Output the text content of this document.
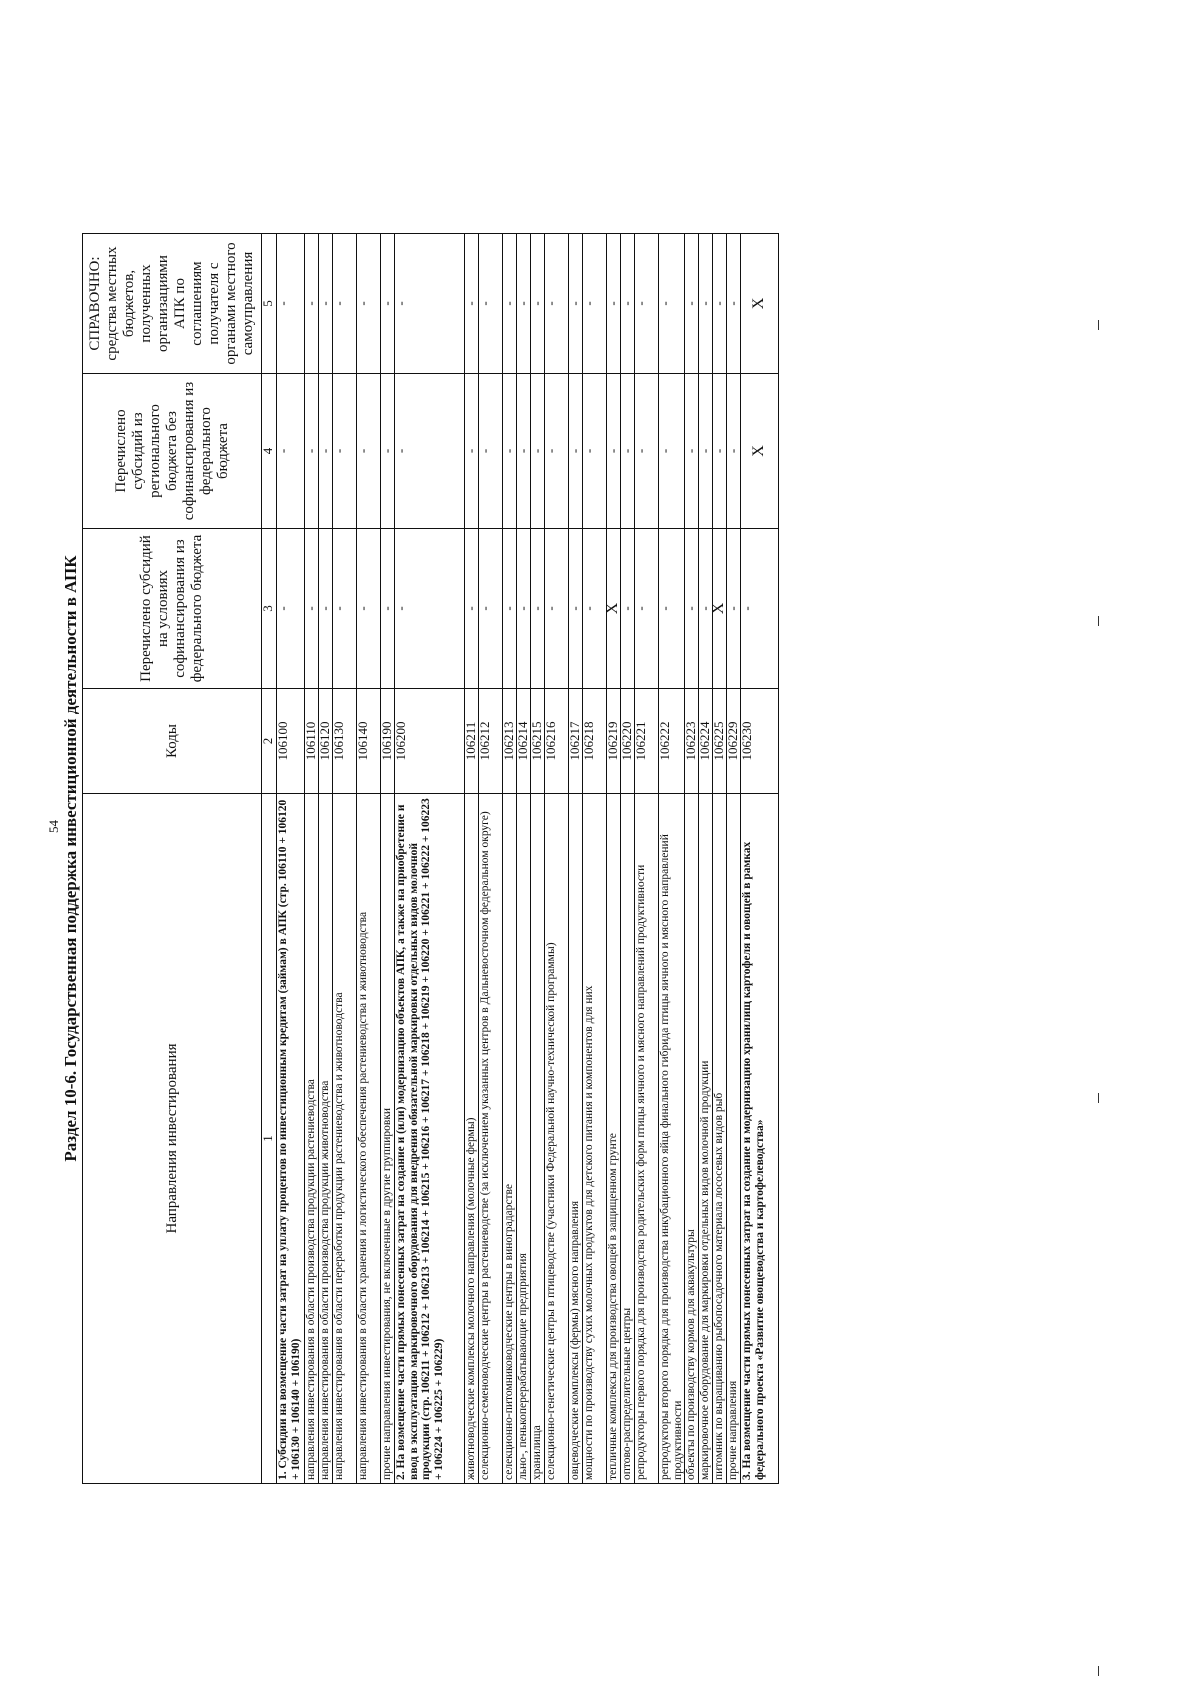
54 Раздел 10-6. Государственная поддержка инвестиционной деятельности в АПК	Направления инвестирования	Коды	Перечислено субсидий на условиях софинансирования из федерального бюджета	Перечислено субсидий из регионального бюджета без софинансирования из федерального бюджета	СПРАВОЧНО: средства местных бюджетов, полученных организациями АПК по соглашениям получателя с органами местного самоуправления
1	2	3	4	5
1. Субсидии на возмещение части затрат на уплату процентов по инвестиционным кредитам (займам) в АПК (стр. 106110 + 106120 + 106130 + 106140 + 106190)	106100	-	-	-
направления инвестирования в области производства продукции растениеводства	106110	-	-	-
направления инвестирования в области производства продукции животноводства	106120	-	-	-
направления инвестирования в области переработки продукции растениеводства и животноводства	106130	-	-	-
направления инвестирования в области хранения и логистического обеспечения растениеводства и животноводства	106140	-	-	-
прочие направления инвестирования, не включенные в другие группировки	106190	-	-	-
2. На возмещение части прямых понесенных затрат на создание и (или) модернизацию объектов АПК, а также на приобретение и ввод в эксплуатацию маркировочного оборудования для внедрения обязательной маркировки отдельных видов молочной продукции (стр. 106211 + 106212 + 106213 + 106214 + 106215 + 106216 + 106217 + 106218 + 106219 + 106220 + 106221 + 106222 + 106223 + 106224 + 106225 + 106229)	106200	-	-	-
животноводческие комплексы молочного направления (молочные фермы)	106211	-	-	-
селекционно-семеноводческие центры в растениеводстве (за исключением указанных центров в Дальневосточном федеральном округе)	106212	-	-	-
селекционно-питомниководческие центры в виноградарстве	106213	-	-	-
льно-, пенькоперерабатывающие предприятия	106214	-	-	-
хранилища	106215	-	-	-
селекционно-генетические центры в птицеводстве (участники Федеральной научно-технической программы)	106216	-	-	-
овцеводческие комплексы (фермы) мясного направления	106217	-	-	-
мощности по производству сухих молочных продуктов для детского питания и компонентов для них	106218	-	-	-
тепличные комплексы для производства овощей в защищенном грунте	106219	X	-	-
оптово-распределительные центры	106220	-	-	-
репродукторы первого порядка для производства родительских форм птицы яичного и мясного направлений продуктивности	106221	-	-	-
репродукторы второго порядка для производства инкубационного яйца финального гибрида птицы яичного и мясного направлений продуктивности	106222	-	-	-
объекты по производству кормов для аквакультуры	106223	-	-	-
маркировочное оборудование для маркировки отдельных видов молочной продукции	106224	-	-	-
питомник по выращиванию рыбопосадочного материала лососевых видов рыб	106225	X	-	-
прочие направления	106229	-	-	-
3. На возмещение части прямых понесенных затрат на создание и модернизацию хранилищ картофеля и овощей в рамках федерального проекта «Развитие овощеводства и картофелеводства»	106230	-	X	X
